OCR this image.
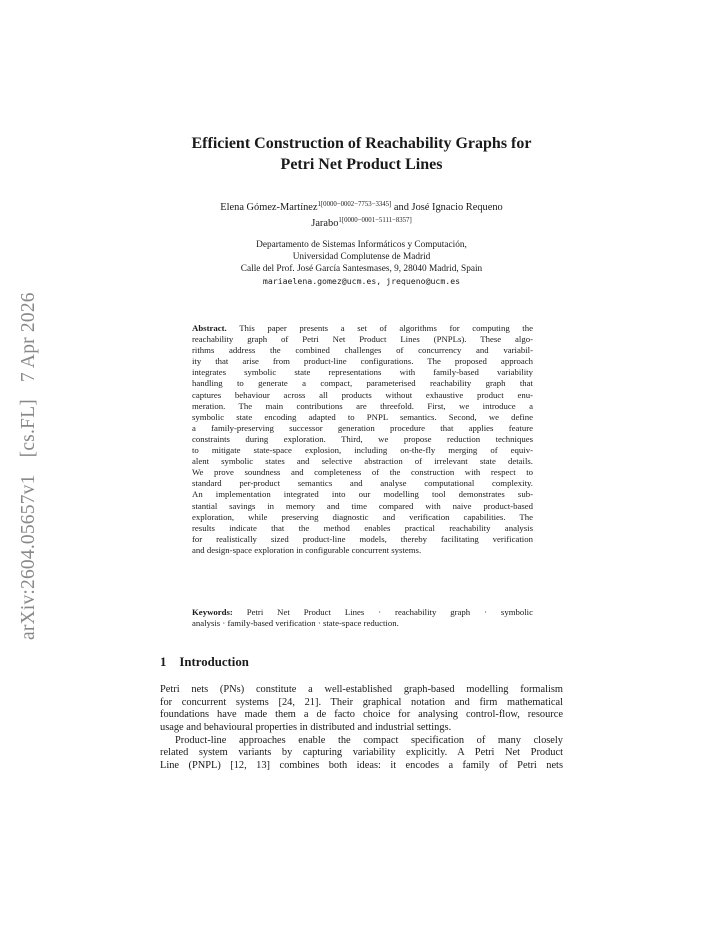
arXiv:2604.05657v1 [cs.FL] 7 Apr 2026
Efficient Construction of Reachability Graphs for
Petri Net Product Lines
Elena Gómez-Martínez$^{1[0000-0002-7753-3345]}$ and José Ignacio Requeno
Jarabo$^{1[0000-0001-5111-8357]}$
Departamento de Sistemas Informáticos y Computación,
Universidad Complutense de Madrid
Calle del Prof. José García Santesmases, 9, 28040 Madrid, Spain
mariaelena.gomez@ucm.es, jrequeno@ucm.es
Abstract. This paper presents a set of algorithms for computing the
reachability graph of Petri Net Product Lines (PNPLs). These algo-
rithms address the combined challenges of concurrency and variabil-
ity that arise from product-line configurations. The proposed approach
integrates symbolic state representations with family-based variability
handling to generate a compact, parameterised reachability graph that
captures behaviour across all products without exhaustive product enu-
meration. The main contributions are threefold. First, we introduce a
symbolic state encoding adapted to PNPL semantics. Second, we define
a family-preserving successor generation procedure that applies feature
constraints during exploration. Third, we propose reduction techniques
to mitigate state-space explosion, including on-the-fly merging of equiv-
alent symbolic states and selective abstraction of irrelevant state details.
We prove soundness and completeness of the construction with respect to
standard per-product semantics and analyse computational complexity.
An implementation integrated into our modelling tool demonstrates sub-
stantial savings in memory and time compared with naive product-based
exploration, while preserving diagnostic and verification capabilities. The
results indicate that the method enables practical reachability analysis
for realistically sized product-line models, thereby facilitating verification
and design-space exploration in configurable concurrent systems.
Keywords: Petri Net Product Lines · reachability graph · symbolic
analysis · family-based verification · state-space reduction.
1 Introduction
Petri nets (PNs) constitute a well-established graph-based modelling formalism
for concurrent systems [24, 21]. Their graphical notation and firm mathematical
foundations have made them a de facto choice for analysing control-flow, resource
usage and behavioural properties in distributed and industrial settings.
Product-line approaches enable the compact specification of many closely
related system variants by capturing variability explicitly. A Petri Net Product
Line (PNPL) [12, 13] combines both ideas: it encodes a family of Petri nets
